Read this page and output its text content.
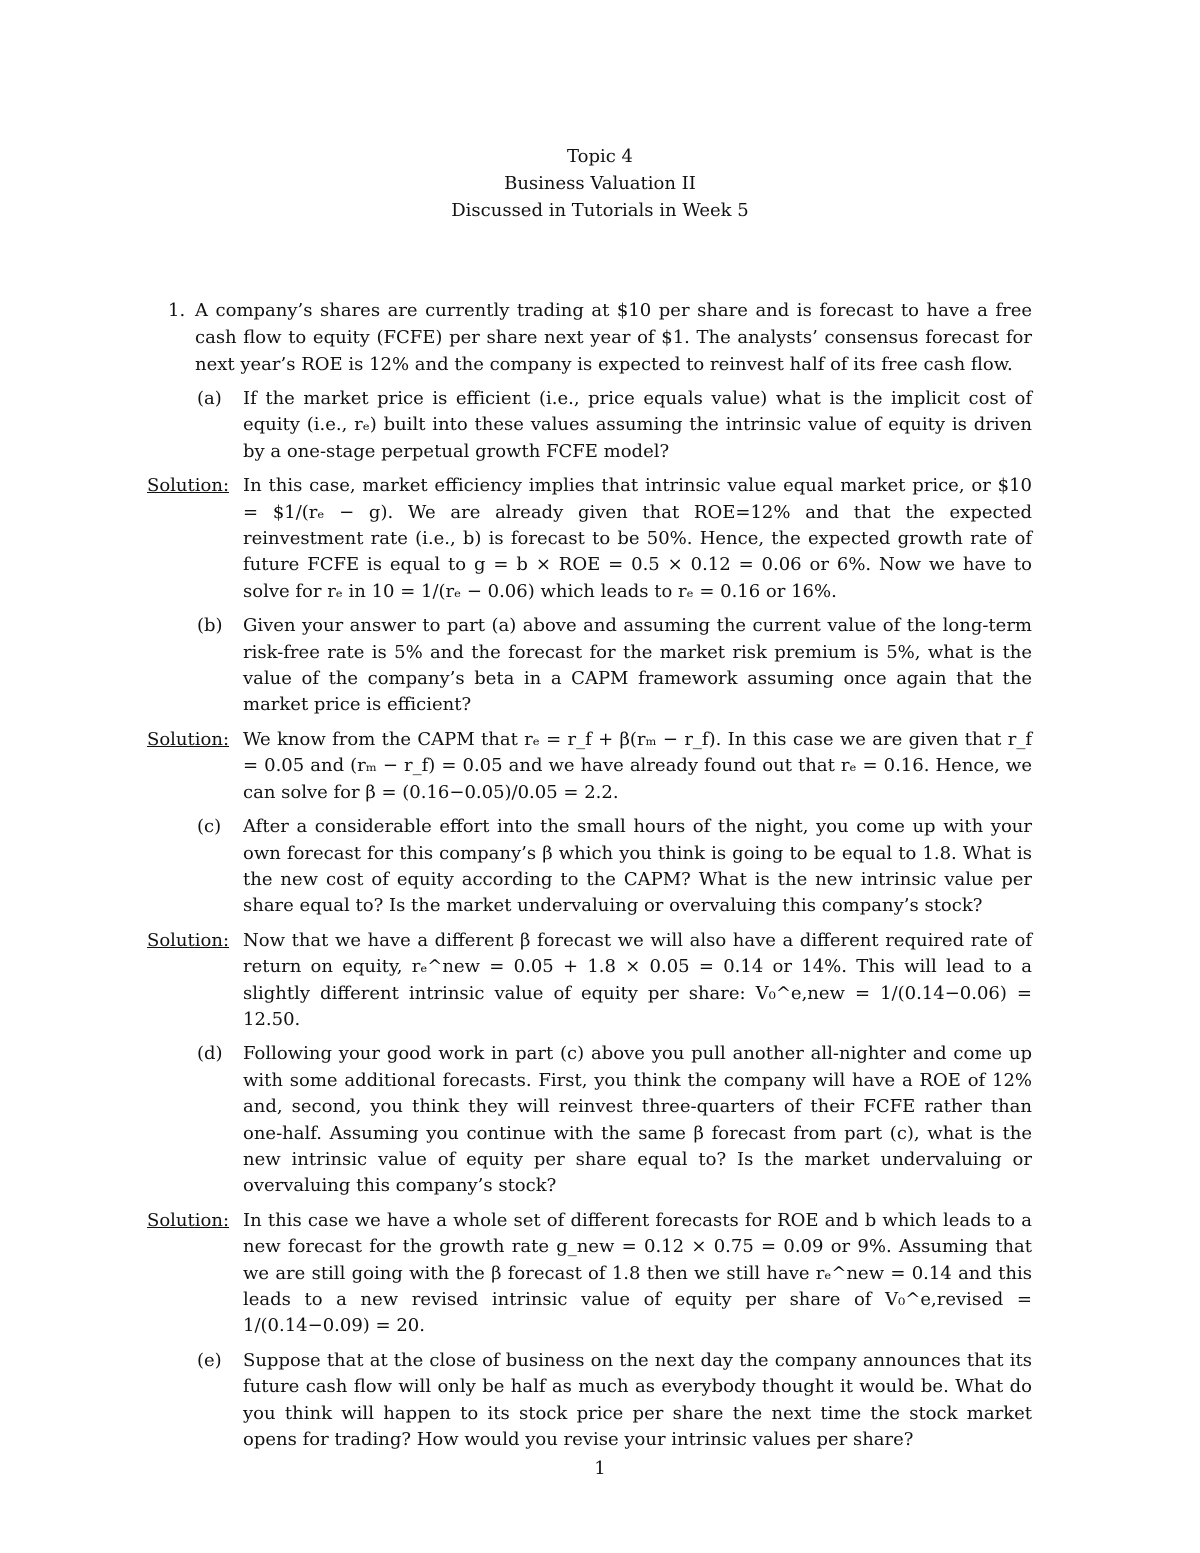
Topic 4
Business Valuation II
Discussed in Tutorials in Week 5
1. A company’s shares are currently trading at $10 per share and is forecast to have a free cash flow to equity (FCFE) per share next year of $1. The analysts’ consensus forecast for next year’s ROE is 12% and the company is expected to reinvest half of its free cash flow.
(a) If the market price is efficient (i.e., price equals value) what is the implicit cost of equity (i.e., rₑ) built into these values assuming the intrinsic value of equity is driven by a one-stage perpetual growth FCFE model?
Solution :	In this case, market efficiency implies that intrinsic value equal market price, or $10 = $1/(rₑ − g). We are already given that ROE=12% and that the expected reinvestment rate (i.e., b) is forecast to be 50%. Hence, the expected growth rate of future FCFE is equal to g = b × ROE = 0.5 × 0.12 = 0.06 or 6%. Now we have to solve for rₑ in 10 = 1/(rₑ − 0.06) which leads to rₑ = 0.16 or 16%.
(b) Given your answer to part (a) above and assuming the current value of the long-term risk-free rate is 5% and the forecast for the market risk premium is 5%, what is the value of the company’s beta in a CAPM framework assuming once again that the market price is efficient?
Solution :	We know from the CAPM that rₑ = r_f + β(rₘ − r_f). In this case we are given that r_f = 0.05 and (rₘ − r_f) = 0.05 and we have already found out that rₑ = 0.16. Hence, we can solve for β = (0.16−0.05)/0.05 = 2.2.
(c) After a considerable effort into the small hours of the night, you come up with your own forecast for this company’s β which you think is going to be equal to 1.8. What is the new cost of equity according to the CAPM? What is the new intrinsic value per share equal to? Is the market undervaluing or overvaluing this company’s stock?
Solution :	Now that we have a different β forecast we will also have a different required rate of return on equity, rₑ^new = 0.05 + 1.8 × 0.05 = 0.14 or 14%. This will lead to a slightly different intrinsic value of equity per share: V₀^e,new = 1/(0.14−0.06) = 12.50.
(d) Following your good work in part (c) above you pull another all-nighter and come up with some additional forecasts. First, you think the company will have a ROE of 12% and, second, you think they will reinvest three-quarters of their FCFE rather than one-half. Assuming you continue with the same β forecast from part (c), what is the new intrinsic value of equity per share equal to? Is the market undervaluing or overvaluing this company’s stock?
Solution :	In this case we have a whole set of different forecasts for ROE and b which leads to a new forecast for the growth rate g_new = 0.12 × 0.75 = 0.09 or 9%. Assuming that we are still going with the β forecast of 1.8 then we still have rₑ^new = 0.14 and this leads to a new revised intrinsic value of equity per share of V₀^e,revised = 1/(0.14−0.09) = 20.
(e) Suppose that at the close of business on the next day the company announces that its future cash flow will only be half as much as everybody thought it would be. What do you think will happen to its stock price per share the next time the stock market opens for trading? How would you revise your intrinsic values per share?
1
